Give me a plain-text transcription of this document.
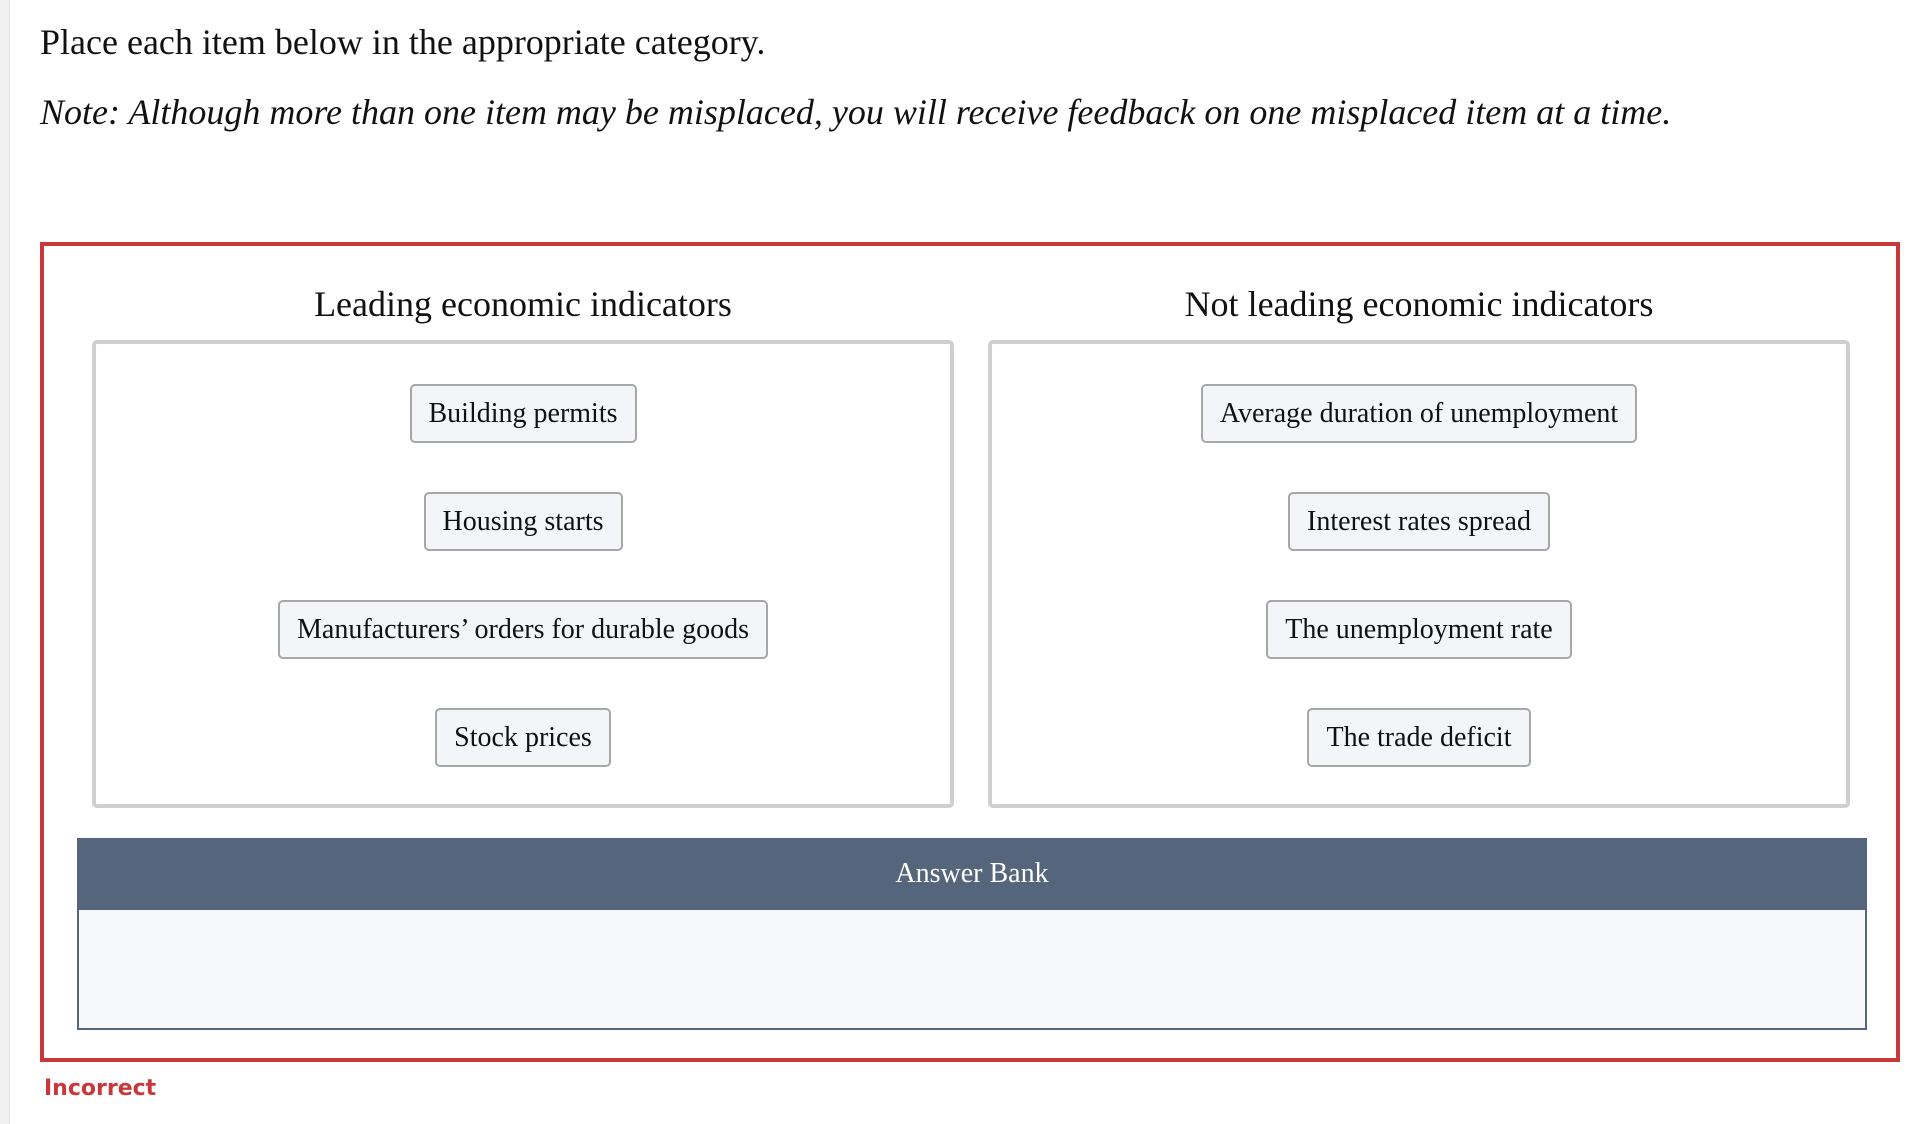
Place each item below in the appropriate category.

Note: Although more than one item may be misplaced, you will receive feedback on one misplaced item at a time.

Leading economic indicators
Building permits
Housing starts
Manufacturers’ orders for durable goods
Stock prices
Not leading economic indicators
Average duration of unemployment
Interest rates spread
The unemployment rate
The trade deficit
Answer Bank
Incorrect
